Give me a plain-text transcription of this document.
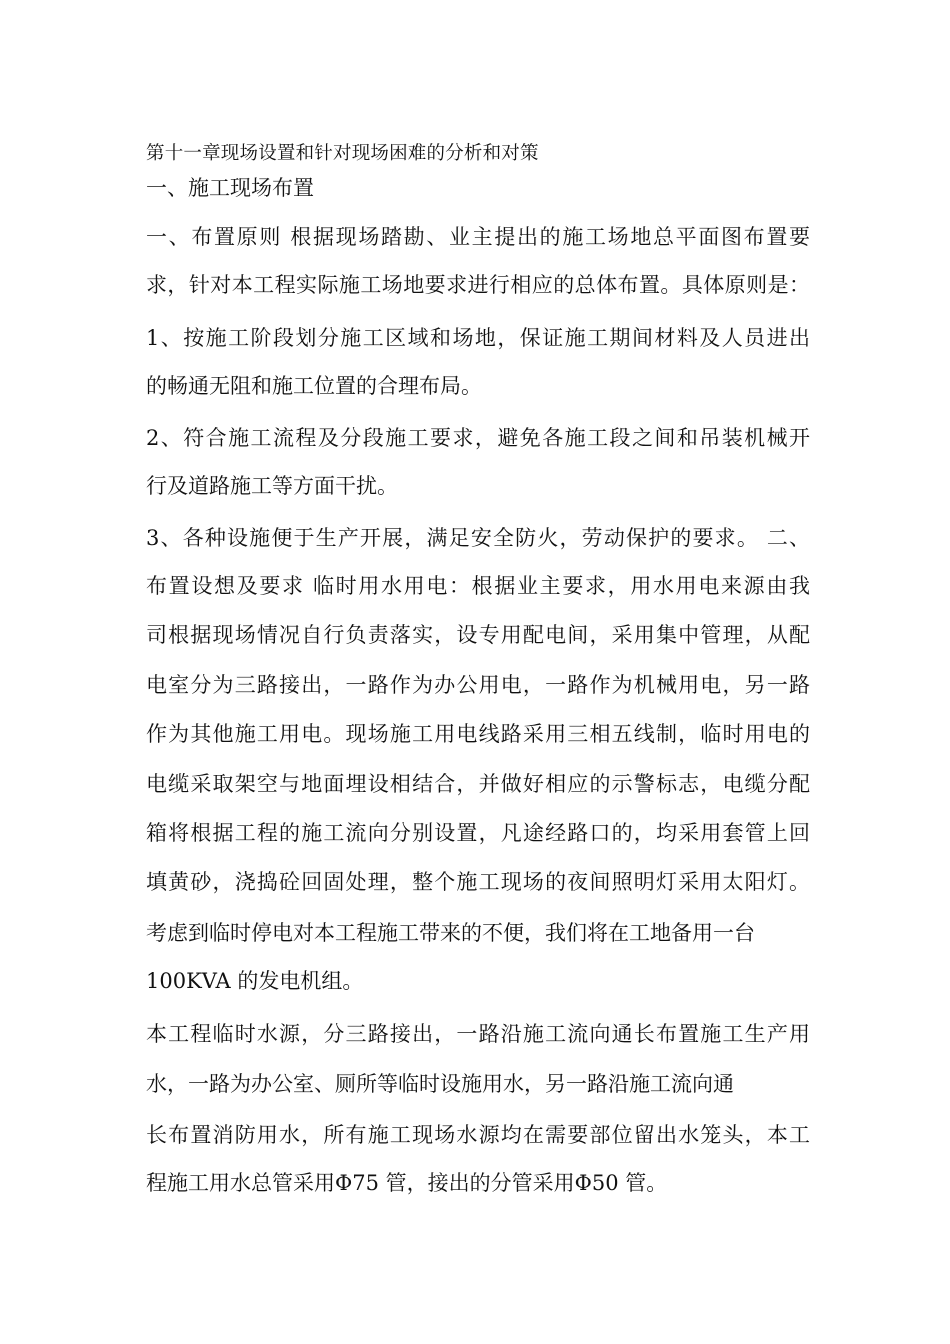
第十一章现场设置和针对现场困难的分析和对策
一、施工现场布置
一、布置原则 根据现场踏勘、业主提出的施工场地总平面图布置要
求，针对本工程实际施工场地要求进行相应的总体布置。具体原则是：
1、按施工阶段划分施工区域和场地，保证施工期间材料及人员进出
的畅通无阻和施工位置的合理布局。
2、符合施工流程及分段施工要求，避免各施工段之间和吊装机械开
行及道路施工等方面干扰。
3、各种设施便于生产开展，满足安全防火，劳动保护的要求。 二、
布置设想及要求 临时用水用电：根据业主要求，用水用电来源由我
司根据现场情况自行负责落实，设专用配电间，采用集中管理，从配
电室分为三路接出，一路作为办公用电，一路作为机械用电，另一路
作为其他施工用电。现场施工用电线路采用三相五线制，临时用电的
电缆采取架空与地面埋设相结合，并做好相应的示警标志，电缆分配
箱将根据工程的施工流向分别设置，凡途经路口的，均采用套管上回
填黄砂，浇捣砼回固处理，整个施工现场的夜间照明灯采用太阳灯。
考虑到临时停电对本工程施工带来的不便，我们将在工地备用一台
100KVA 的发电机组。
本工程临时水源，分三路接出，一路沿施工流向通长布置施工生产用
水，一路为办公室、厕所等临时设施用水，另一路沿施工流向通
长布置消防用水，所有施工现场水源均在需要部位留出水笼头，本工
程施工用水总管采用Φ75 管，接出的分管采用Φ50 管。
